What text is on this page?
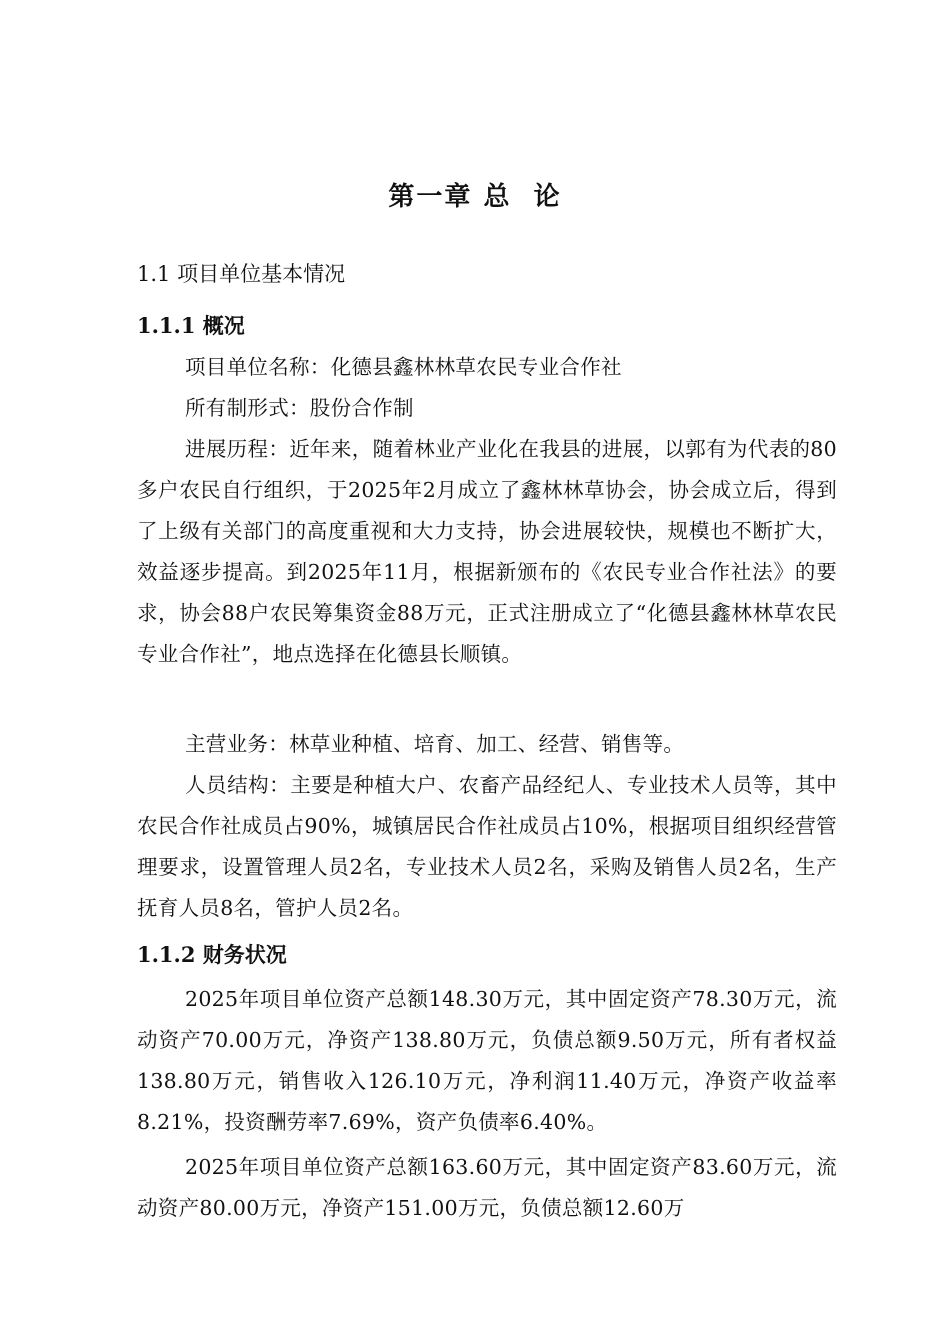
第一章 总  论
1.1 项目单位基本情况
1.1.1 概况

项目单位名称：化德县鑫林林草农民专业合作社

所有制形式：股份合作制

进展历程：近年来，随着林业产业化在我县的进展，以郭有为代表的80多户农民自行组织，于2025年2月成立了鑫林林草协会，协会成立后，得到了上级有关部门的高度重视和大力支持，协会进展较快，规模也不断扩大，效益逐步提高。到2025年11月，根据新颁布的《农民专业合作社法》的要求，协会88户农民筹集资金88万元，正式注册成立了“化德县鑫林林草农民专业合作社”，地点选择在化德县长顺镇。

主营业务：林草业种植、培育、加工、经营、销售等。

人员结构：主要是种植大户、农畜产品经纪人、专业技术人员等，其中农民合作社成员占90%，城镇居民合作社成员占10%，根据项目组织经营管理要求，设置管理人员2名，专业技术人员2名，采购及销售人员2名，生产抚育人员8名，管护人员2名。

1.1.2 财务状况

2025年项目单位资产总额148.30万元，其中固定资产78.30万元，流动资产70.00万元，净资产138.80万元，负债总额9.50万元，所有者权益138.80万元，销售收入126.10万元，净利润11.40万元，净资产收益率8.21%，投资酬劳率7.69%，资产负债率6.40%。

2025年项目单位资产总额163.60万元，其中固定资产83.60万元，流动资产80.00万元，净资产151.00万元，负债总额12.60万
